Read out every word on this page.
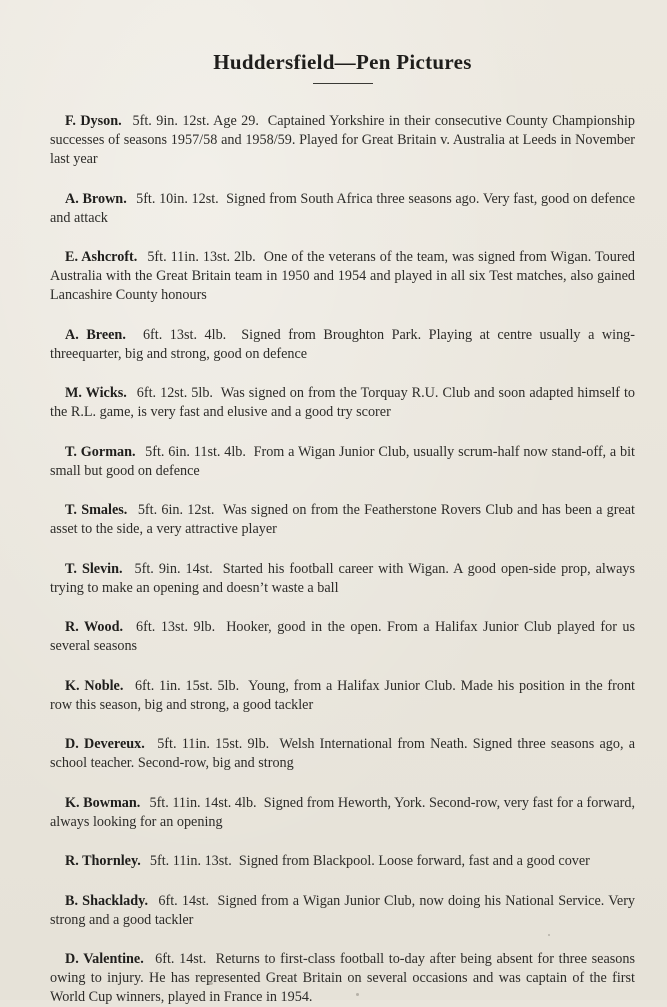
Huddersfield—Pen Pictures

F. Dyson. 5ft. 9in. 12st. Age 29. Captained Yorkshire in their consecutive County Championship successes of seasons 1957/58 and 1958/59. Played for Great Britain v. Australia at Leeds in November last year

A. Brown. 5ft. 10in. 12st. Signed from South Africa three seasons ago. Very fast, good on defence and attack

E. Ashcroft. 5ft. 11in. 13st. 2lb. One of the veterans of the team, was signed from Wigan. Toured Australia with the Great Britain team in 1950 and 1954 and played in all six Test matches, also gained Lancashire County honours

A. Breen. 6ft. 13st. 4lb. Signed from Broughton Park. Playing at centre usually a wing-threequarter, big and strong, good on defence

M. Wicks. 6ft. 12st. 5lb. Was signed on from the Torquay R.U. Club and soon adapted himself to the R.L. game, is very fast and elusive and a good try scorer

T. Gorman. 5ft. 6in. 11st. 4lb. From a Wigan Junior Club, usually scrum-half now stand-off, a bit small but good on defence

T. Smales. 5ft. 6in. 12st. Was signed on from the Featherstone Rovers Club and has been a great asset to the side, a very attractive player

T. Slevin. 5ft. 9in. 14st. Started his football career with Wigan. A good open-side prop, always trying to make an opening and doesn’t waste a ball

R. Wood. 6ft. 13st. 9lb. Hooker, good in the open. From a Halifax Junior Club played for us several seasons

K. Noble. 6ft. 1in. 15st. 5lb. Young, from a Halifax Junior Club. Made his position in the front row this season, big and strong, a good tackler

D. Devereux. 5ft. 11in. 15st. 9lb. Welsh International from Neath. Signed three seasons ago, a school teacher. Second-row, big and strong

K. Bowman. 5ft. 11in. 14st. 4lb. Signed from Heworth, York. Second-row, very fast for a forward, always looking for an opening

R. Thornley. 5ft. 11in. 13st. Signed from Blackpool. Loose forward, fast and a good cover

B. Shacklady. 6ft. 14st. Signed from a Wigan Junior Club, now doing his National Service. Very strong and a good tackler

D. Valentine. 6ft. 14st. Returns to first-class football to-day after being absent for three seasons owing to injury. He has represented Great Britain on several occasions and was captain of the first World Cup winners, played in France in 1954.
